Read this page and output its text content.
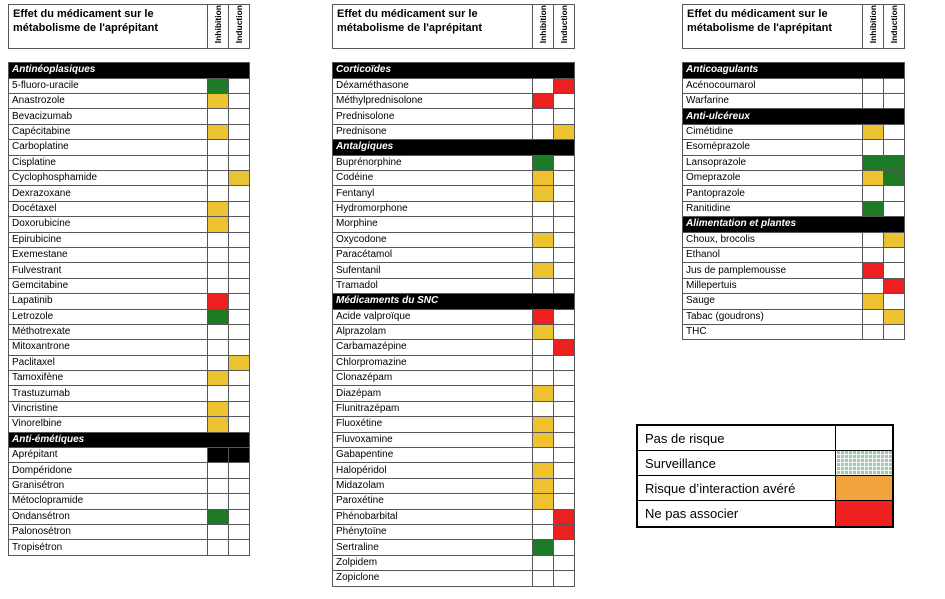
Effet du médicament sur le métabolisme de l'aprépitant	Inhibition	Induction
Antinéoplasiques		
5-fluoro-uracile		
Anastrozole		
Bevacizumab		
Capécitabine		
Carboplatine		
Cisplatine		
Cyclophosphamide		
Dexrazoxane		
Docétaxel		
Doxorubicine		
Epirubicine		
Exemestane		
Fulvestrant		
Gemcitabine		
Lapatinib		
Letrozole		
Méthotrexate		
Mitoxantrone		
Paclitaxel		
Tamoxifène		
Trastuzumab		
Vincristine		
Vinorelbine		
Anti-émétiques		
Aprépitant		
Dompéridone		
Granisétron		
Métoclopramide		
Ondansétron		
Palonosétron		
Tropisétron		
Effet du médicament sur le métabolisme de l'aprépitant	Inhibition	Induction
Corticoïdes		
Déxaméthasone		
Méthylprednisolone		
Prednisolone		
Prednisone		
Antalgiques		
Buprénorphine		
Codéine		
Fentanyl		
Hydromorphone		
Morphine		
Oxycodone		
Paracétamol		
Sufentanil		
Tramadol		
Médicaments du SNC		
Acide valproïque		
Alprazolam		
Carbamazépine		
Chlorpromazine		
Clonazépam		
Diazépam		
Flunitrazépam		
Fluoxétine		
Fluvoxamine		
Gabapentine		
Halopéridol		
Midazolam		
Paroxétine		
Phénobarbital		
Phénytoïne		
Sertraline		
Zolpidem		
Zopiclone		
Effet du médicament sur le métabolisme de l'aprépitant	Inhibition	Induction
Anticoagulants		
Acénocoumarol		
Warfarine		
Anti-ulcéreux		
Cimétidine		
Esoméprazole		
Lansoprazole		
Omeprazole		
Pantoprazole		
Ranitidine		
Alimentation et plantes		
Choux, brocolis		
Ethanol		
Jus de pamplemousse		
Millepertuis		
Sauge		
Tabac (goudrons)		
THC		
Pas de risque
Surveillance
Risque d’interaction avéré
Ne pas associer
